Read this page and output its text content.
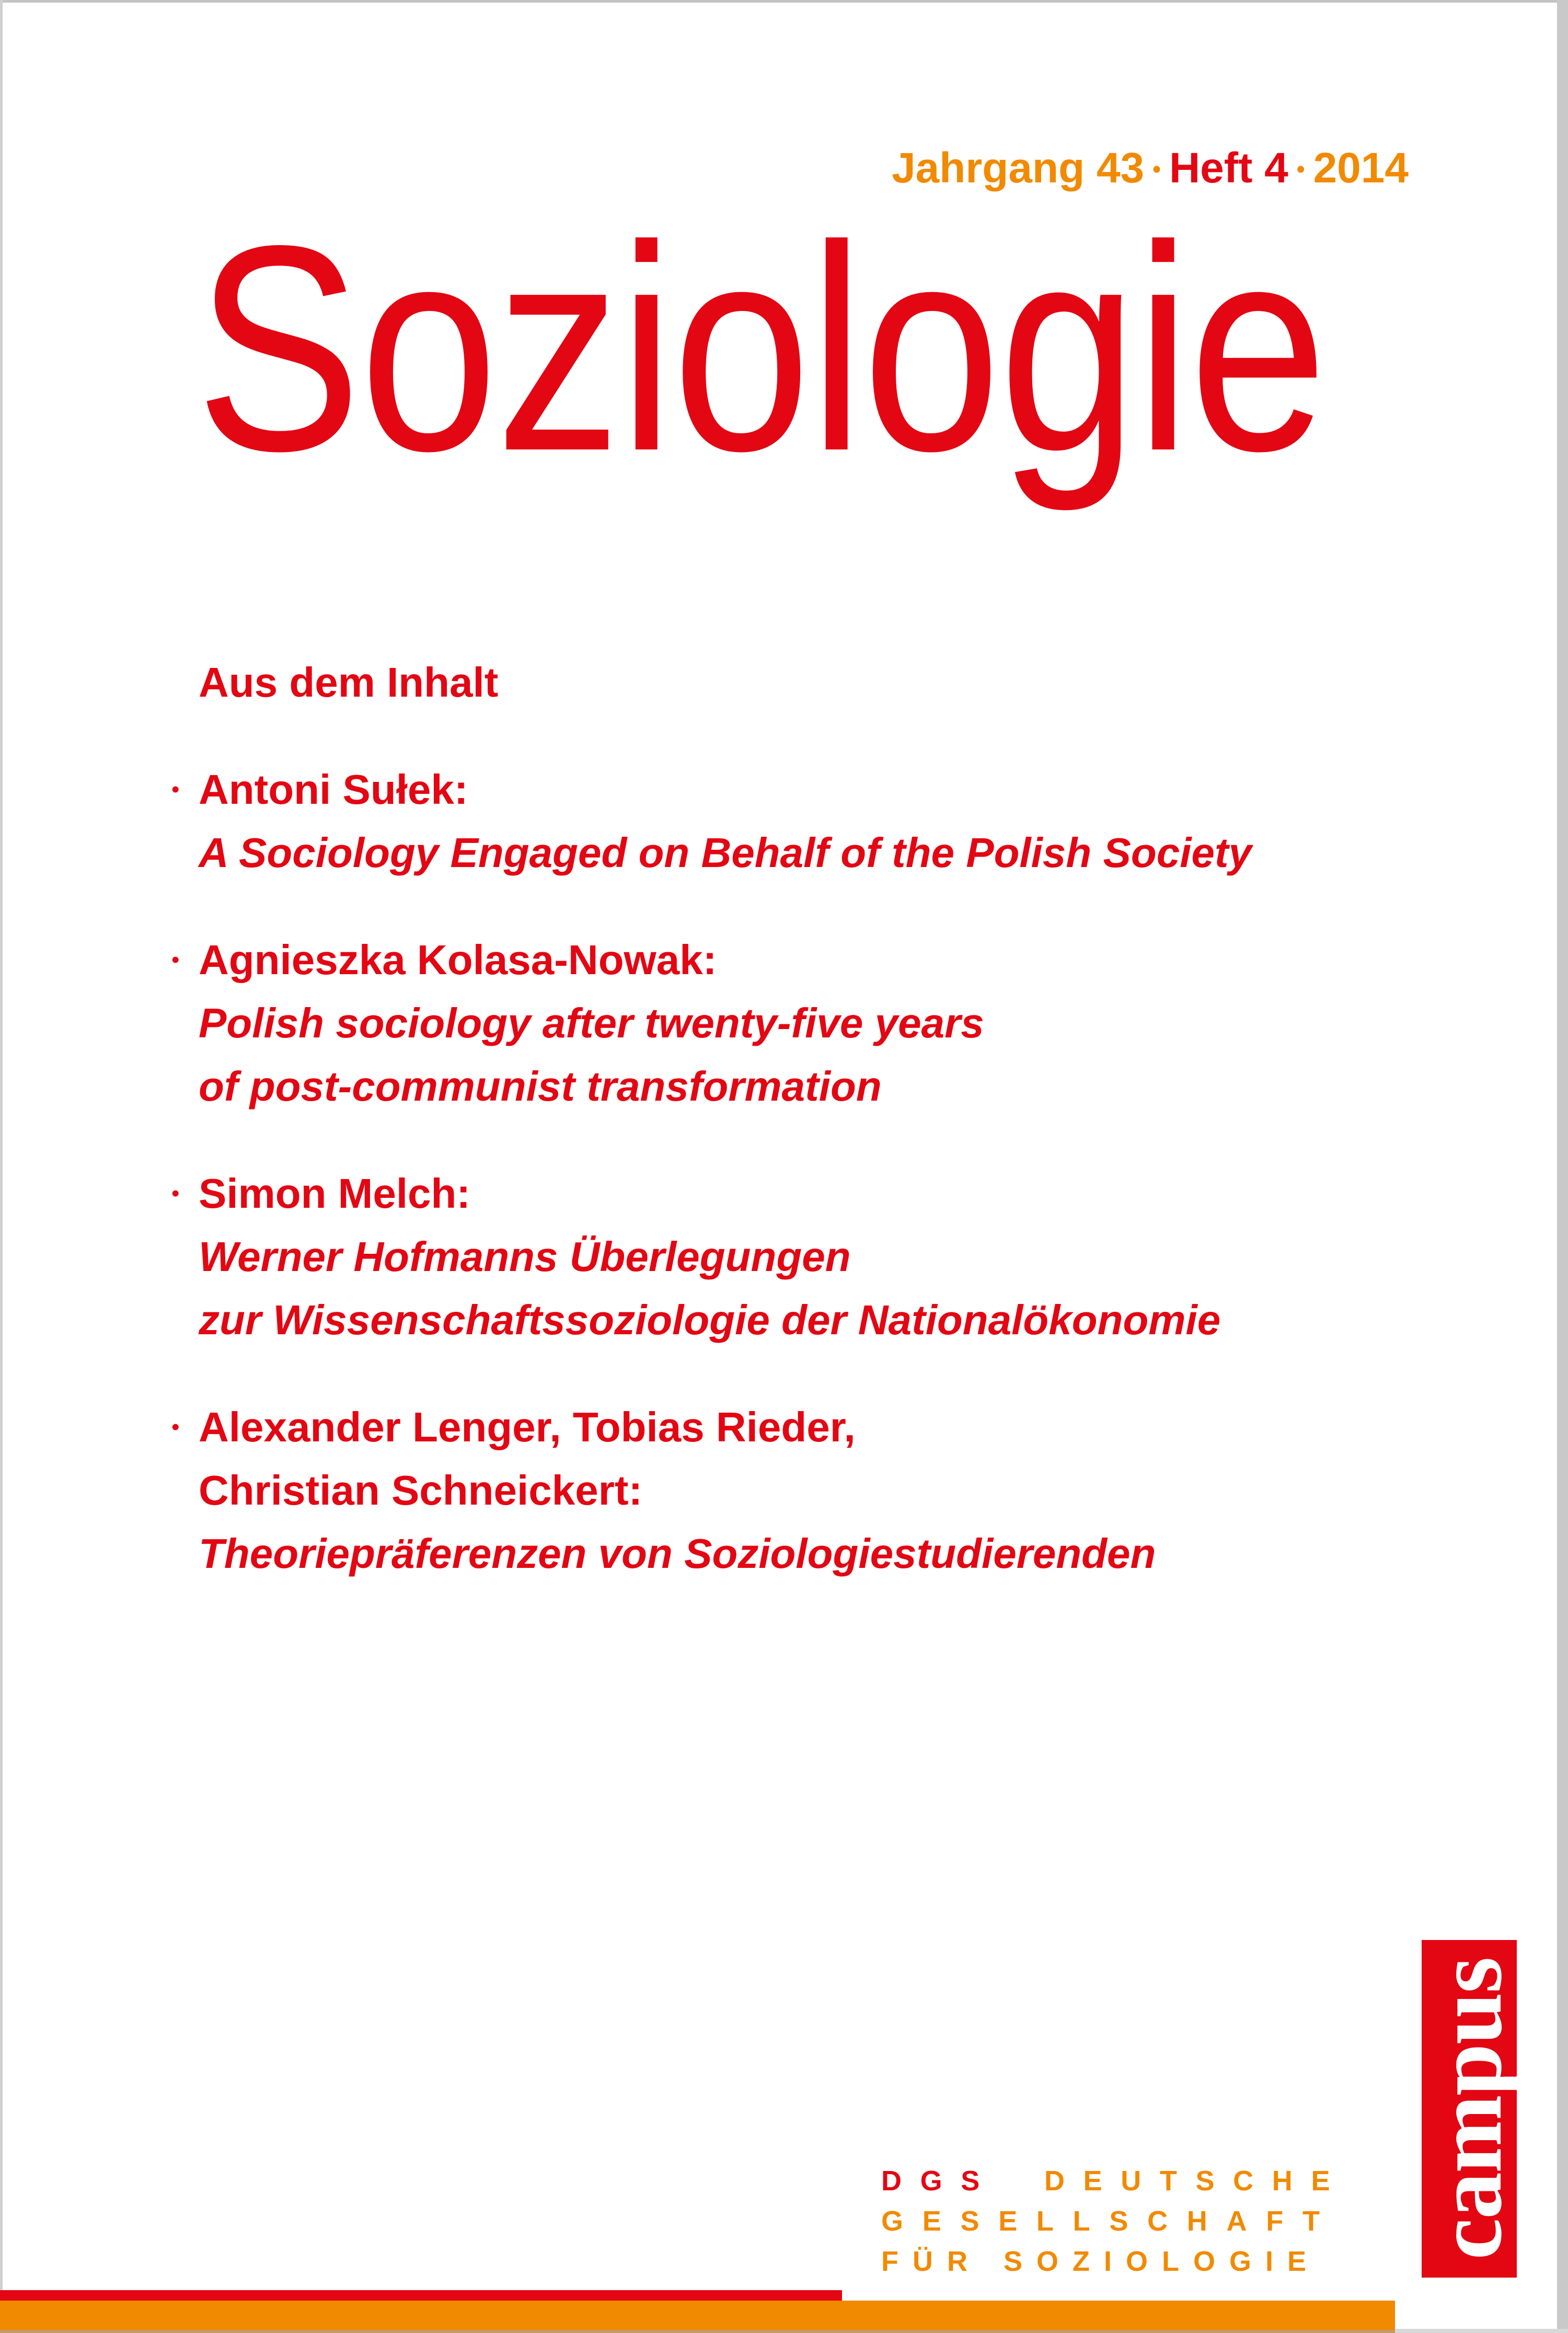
Jahrgang 43 • Heft 4 • 2014
Soziologie
Aus dem Inhalt
• Antoni Sułek:
A Sociology Engaged on Behalf of the Polish Society
• Agnieszka Kolasa-Nowak:
Polish sociology after twenty-five years
of post-communist transformation
• Simon Melch:
Werner Hofmanns Überlegungen
zur Wissenschaftssoziologie der Nationalökonomie
• Alexander Lenger, Tobias Rieder,
Christian Schneickert:
Theoriepräferenzen von Soziologiestudierenden
campus
DGS DEUTSCHE
GESELLSCHAFT
FÜR SOZIOLOGIE
